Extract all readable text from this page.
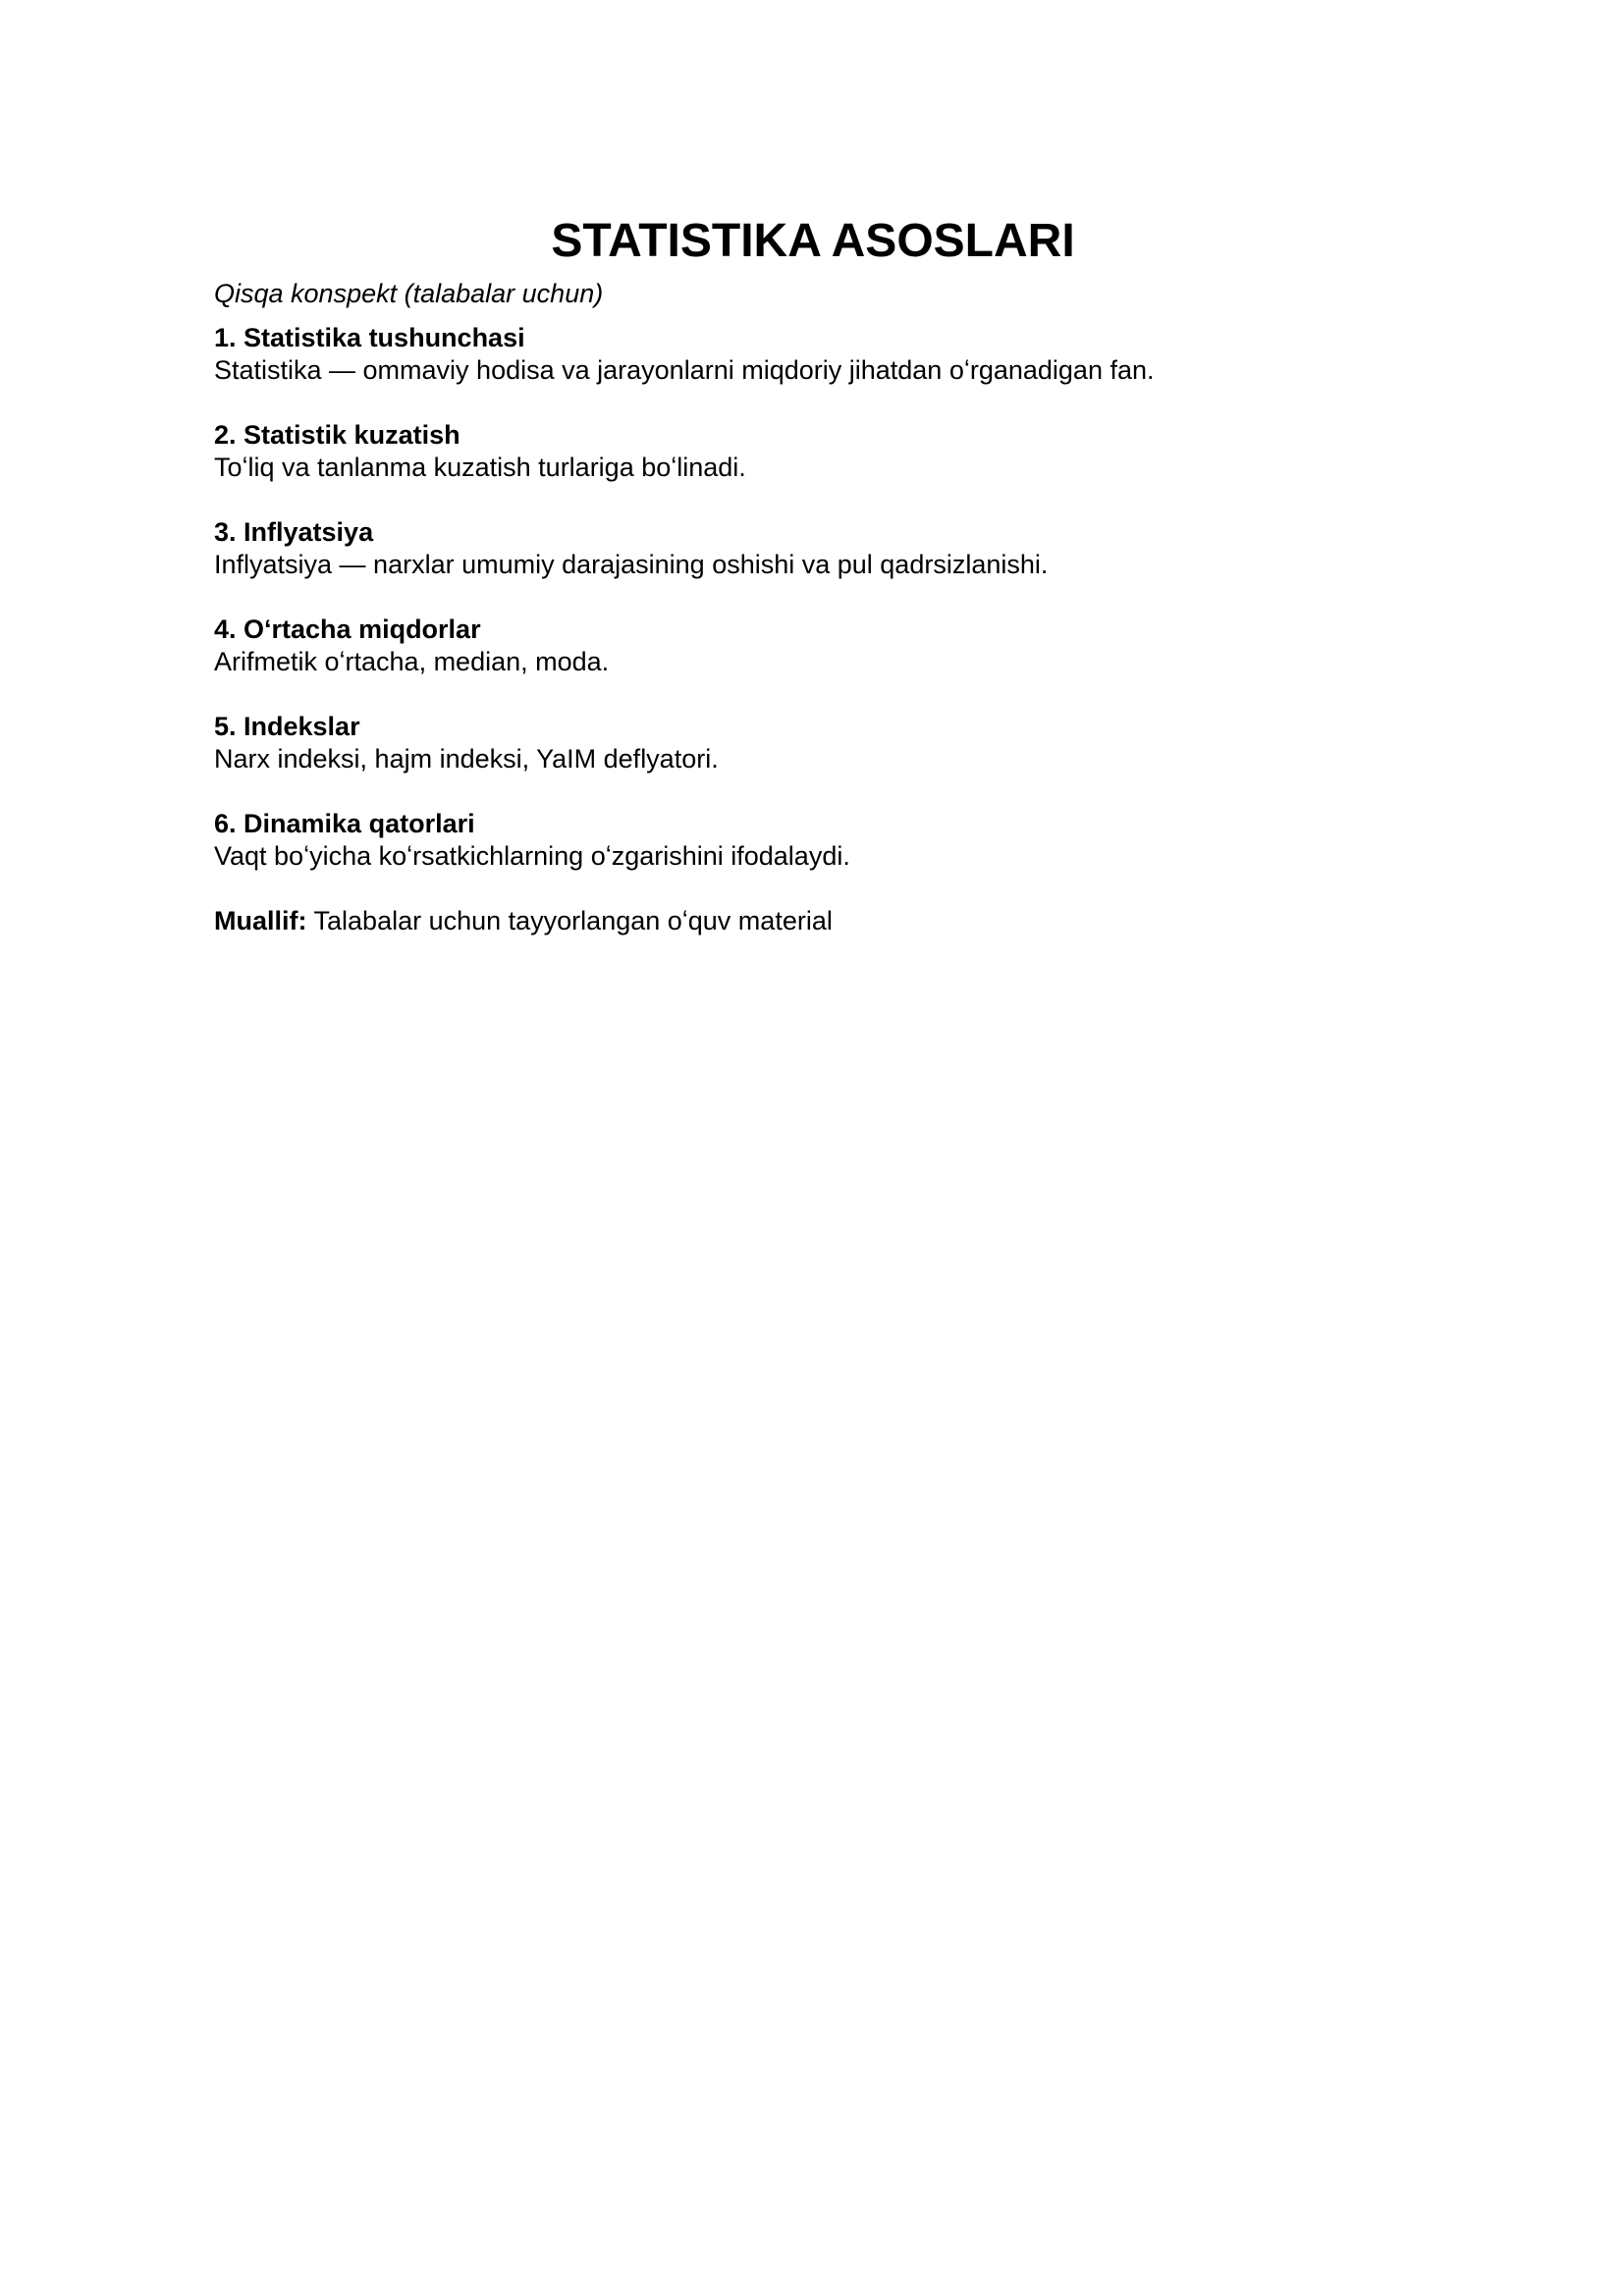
STATISTIKA ASOSLARI

Qisqa konspekt (talabalar uchun)

1. Statistika tushunchasi

Statistika — ommaviy hodisa va jarayonlarni miqdoriy jihatdan oʻrganadigan fan.

2. Statistik kuzatish

Toʻliq va tanlanma kuzatish turlariga boʻlinadi.

3. Inflyatsiya

Inflyatsiya — narxlar umumiy darajasining oshishi va pul qadrsizlanishi.

4. Oʻrtacha miqdorlar

Arifmetik oʻrtacha, median, moda.

5. Indekslar

Narx indeksi, hajm indeksi, YaIM deflyatori.

6. Dinamika qatorlari

Vaqt boʻyicha koʻrsatkichlarning oʻzgarishini ifodalaydi.

Muallif: Talabalar uchun tayyorlangan oʻquv material
